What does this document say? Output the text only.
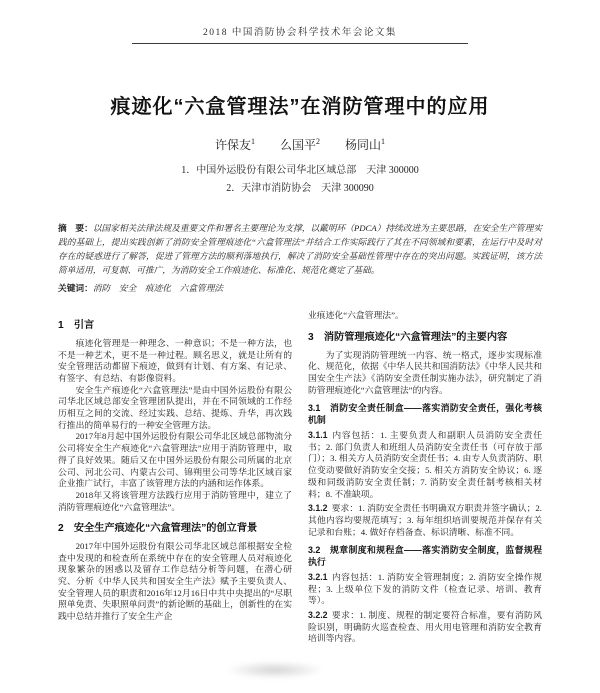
2018 中国消防协会科学技术年会论文集
痕迹化“六盒管理法”在消防管理中的应用
许保友$^1$ 么国平$^2$ 杨同山$^1$
1．中国外运股份有限公司华北区域总部　天津 300000
2．天津市消防协会　天津 300090
摘　要：以国家相关法律法规及重要文件和署名主要理论为支撑，以戴明环（PDCA）持续改进为主要思路，在安全生产管理实践的基础上，提出实践创新了消防安全管理痕迹化“六盒管理法”并结合工作实际践行了其在不同领域和要素，在运行中及时对存在的疑惑进行了解答，促进了管理方法的顺利落地执行，解决了消防安全基础性管理中存在的突出问题。实践证明，该方法简单适用，可复制、可推广，为消防安全工作痕迹化、标准化、规范化奠定了基础。
关键词：消防　安全　痕迹化　六盒管理法
1　引言

痕迹化管理是一种理念、一种意识；不是一种方法，也不是一种艺术，更不是一种过程。顾名思义，就是让所有的安全管理活动都留下痕迹，做到有计划、有方案、有记录、有签字、有总结、有影像资料。

安全生产痕迹化“六盒管理法”是由中国外运股份有限公司华北区域总部安全管理团队提出，并在不同领域的工作经历相互之间的交流、经过实践、总结、提炼、升华，再次践行推出的简单易行的一种安全管理方法。

2017年8月起中国外运股份有限公司华北区域总部物流分公司将安全生产痕迹化“六盒管理法”应用于消防管理中，取得了良好效果。随后又在中国外运股份有限公司所属的北京公司、河北公司、内蒙古公司、锦朔里公司等华北区域百家企业推广试行，丰富了该管理方法的内涵和运作体系。

2018年又将该管理方法践行应用于消防管理中，建立了消防管理痕迹化“六盒管理法”。

2　安全生产痕迹化“六盒管理法”的创立背景

2017年中国外运股份有限公司华北区域总部根据安全检查中发现的和检查所在系统中存在的安全管理人员对痕迹化现象繁杂的困惑以及留存工作总结分析等问题，在潜心研究、分析《中华人民共和国安全生产法》赋予主要负责人、安全管理人员的职责和2016年12月16日中共中央提出的“尽职照单免责、失职照单问责”的新论断的基础上，创新性的在实践中总结并推行了安全生产企

业痕迹化“六盒管理法”。

3　消防管理痕迹化“六盒管理法”的主要内容

为了实现消防管理统一内容、统一格式，逐步实现标准化、规范化，依据《中华人民共和国消防法》《中华人民共和国安全生产法》《消防安全责任制实施办法》，研究制定了消防管理痕迹化“六盒管理法”的内容。

3.1　消防安全责任制盒——落实消防安全责任，强化考核机制

3.1.1 内容包括：1. 主要负责人和副职人员消防安全责任书；2. 部门负责人和班组人员消防安全责任书（可存放于部门）；3. 相关方人员消防安全责任书；4. 由专人负责消防、职位变动要做好消防安全交接；5. 相关方消防安全协议；6. 逐级和同级消防安全责任制；7. 消防安全责任制考核相关材料；8. 不准缺项。

3.1.2 要求：1. 消防安全责任书明确双方职责并签字确认；2. 其他内容均要规范填写；3. 每年组织培训要规范并保存有关记录和台账；4. 做好存档备查、标识清晰、标准不同。

3.2　规章制度和规程盒——落实消防安全制度，监督规程执行

3.2.1 内容包括：1. 消防安全管理制度；2. 消防安全操作规程；3. 上级单位下发的消防文件（检查记录、培训、教育等）。

3.2.2 要求：1. 制度、规程的制定要符合标准，要有消防风险识别，明确防火巡查检查、用火用电管理和消防安全教育培训等内容。
